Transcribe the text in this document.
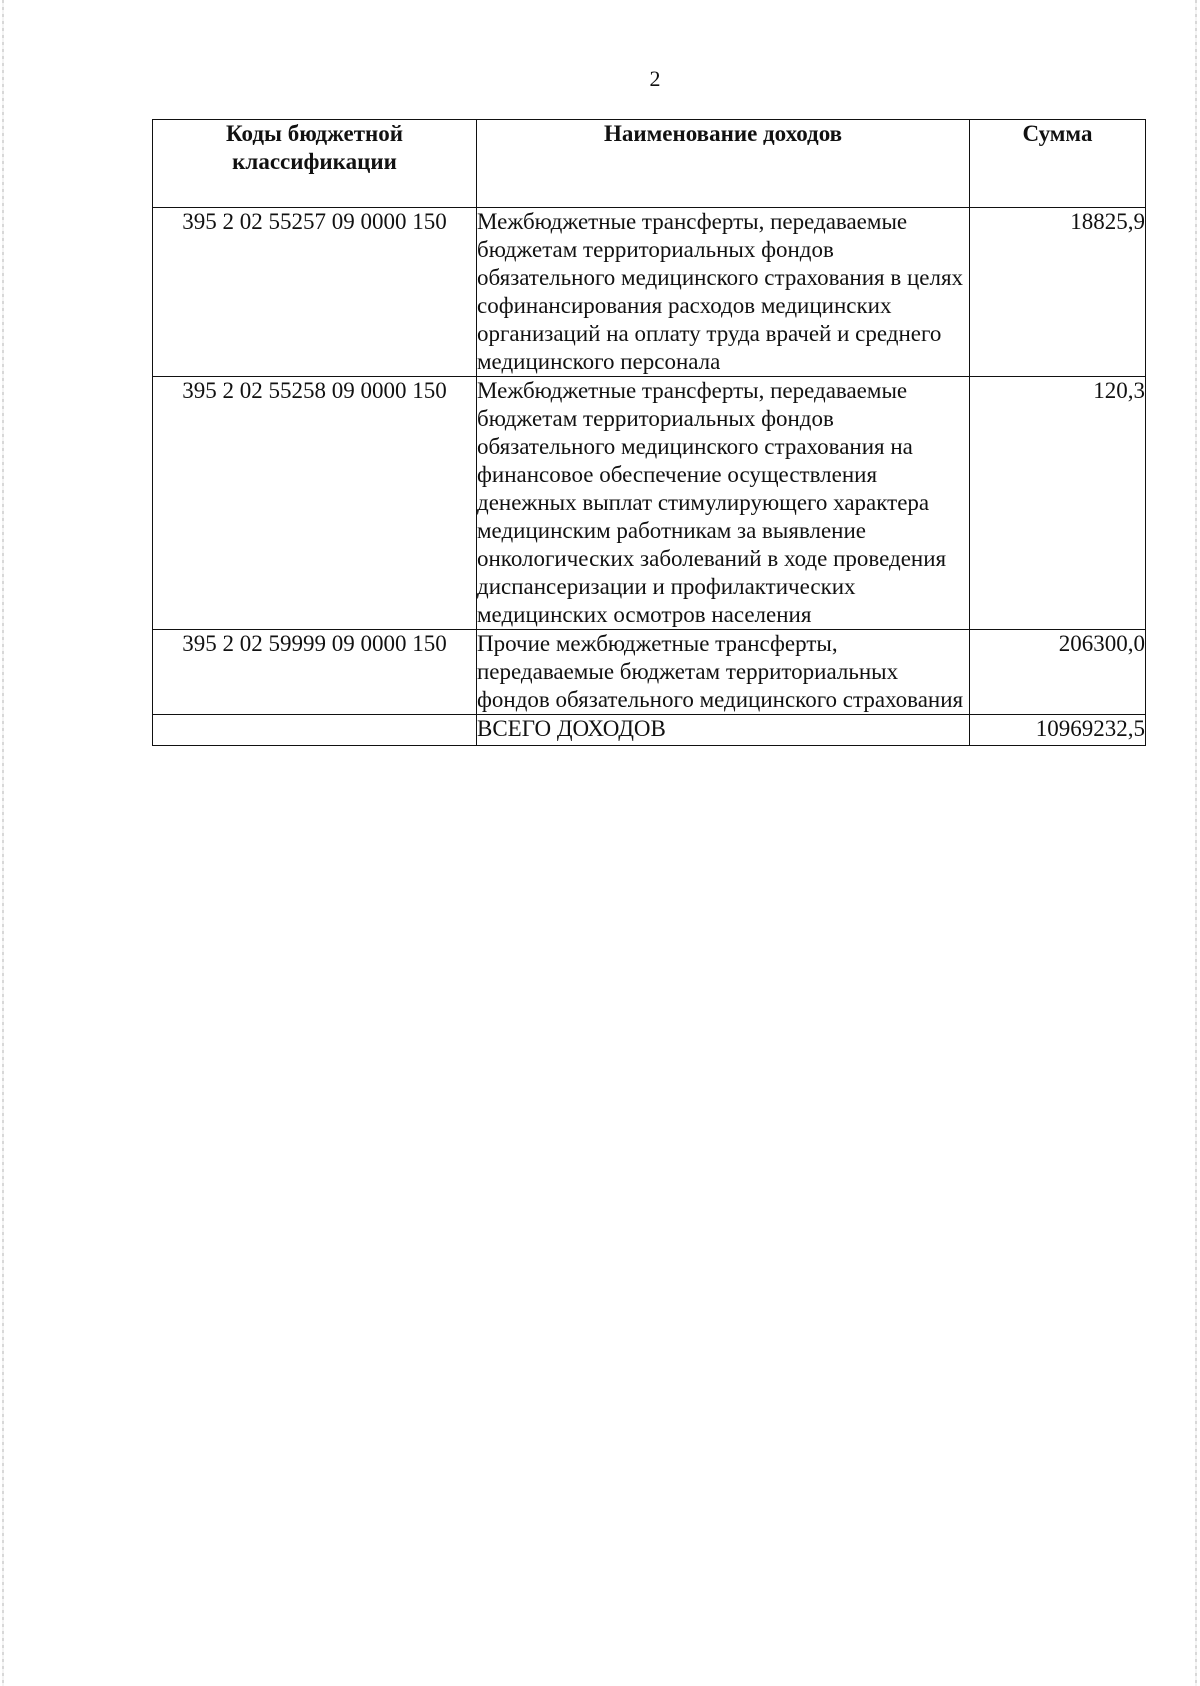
2
Коды бюджетной классификации	Наименование доходов	Сумма
395 2 02 55257 09 0000 150	Межбюджетные трансферты, передаваемые бюджетам территориальных фондов обязательного медицинского страхования в целях софинансирования расходов медицинских организаций на оплату труда врачей и среднего медицинского персонала	18825,9
395 2 02 55258 09 0000 150	Межбюджетные трансферты, передаваемые бюджетам территориальных фондов обязательного медицинского страхования на финансовое обеспечение осуществления денежных выплат стимулирующего характера медицинским работникам за выявление онкологических заболеваний в ходе проведения диспансеризации и профилактических медицинских осмотров населения	120,3
395 2 02 59999 09 0000 150	Прочие межбюджетные трансферты, передаваемые бюджетам территориальных фондов обязательного медицинского страхования	206300,0
	ВСЕГО ДОХОДОВ	10969232,5
